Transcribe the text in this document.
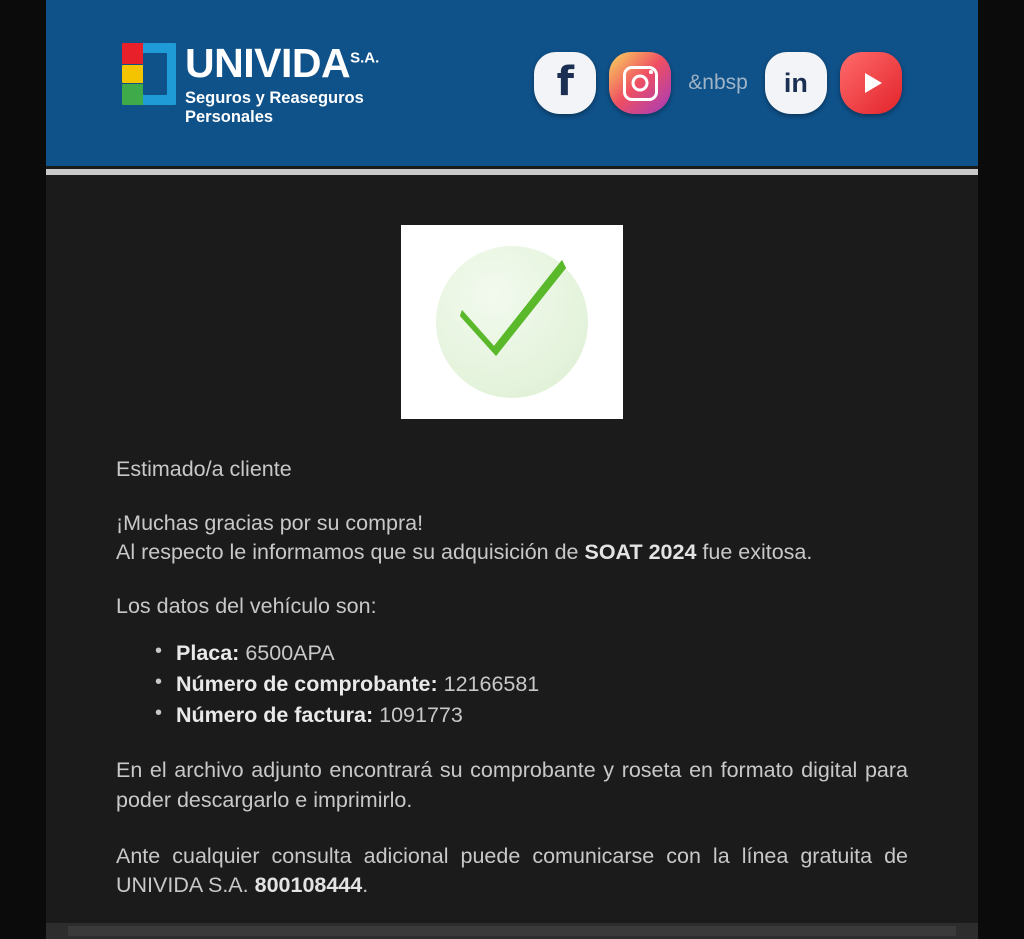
$UNIVIDA^{S.A.}$
Seguros y Reaseguros
Personales
f	&nbsp in

Estimado/a cliente

¡Muchas gracias por su compra!
Al respecto le informamos que su adquisición de SOAT 2024 fue exitosa.

Los datos del vehículo son:

• Placa: 6500APA
• Número de comprobante: 12166581
• Número de factura: 1091773

En el archivo adjunto encontrará su comprobante y roseta en formato digital para poder descargarlo e imprimirlo.

Ante cualquier consulta adicional puede comunicarse con la línea gratuita de UNIVIDA S.A. 800108444.
